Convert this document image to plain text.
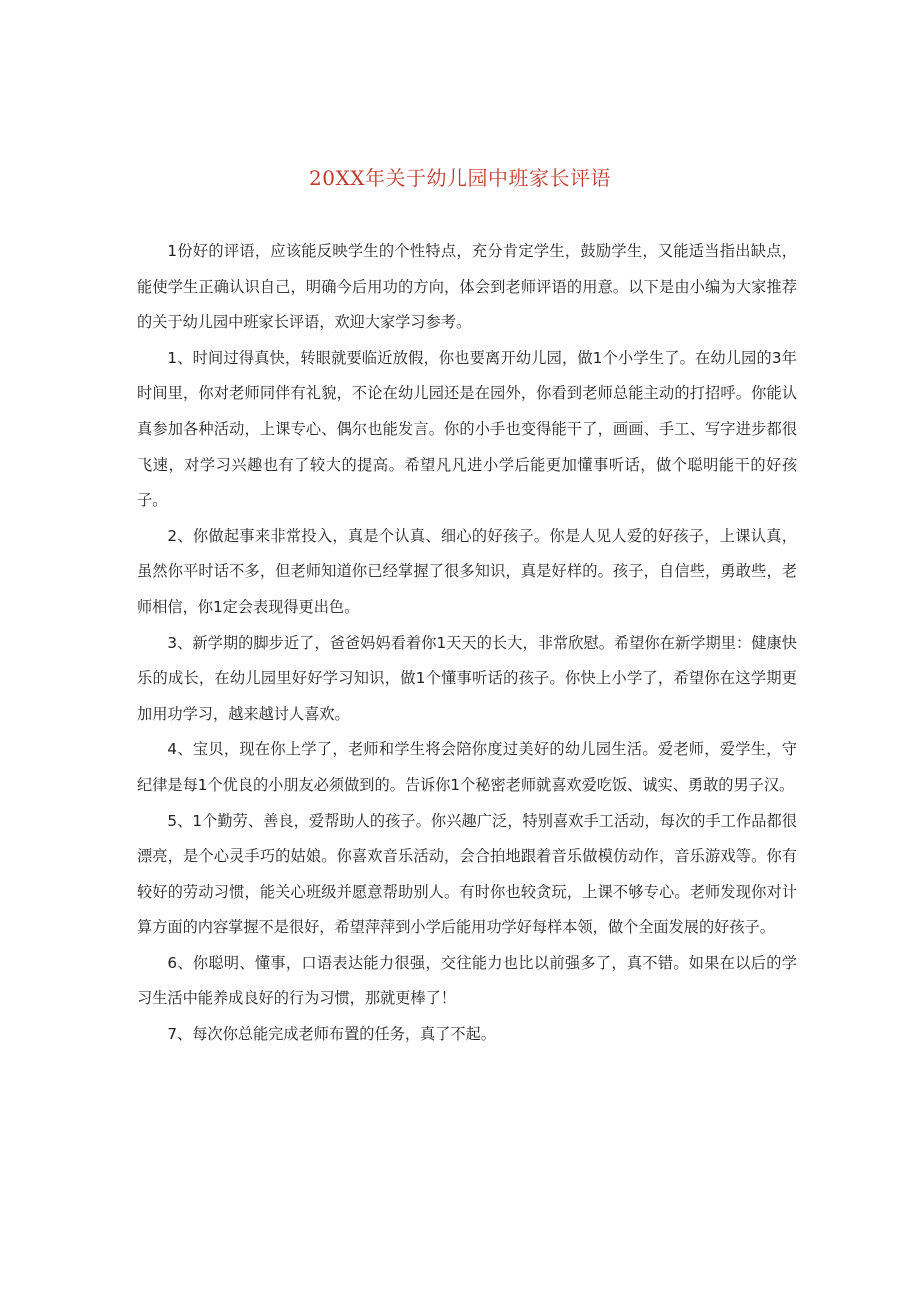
20XX年关于幼儿园中班家长评语

1份好的评语，应该能反映学生的个性特点，充分肯定学生，鼓励学生，又能适当指出缺点，能使学生正确认识自己，明确今后用功的方向，体会到老师评语的用意。以下是由小编为大家推荐的关于幼儿园中班家长评语，欢迎大家学习参考。

1、时间过得真快，转眼就要临近放假，你也要离开幼儿园，做1个小学生了。在幼儿园的3年时间里，你对老师同伴有礼貌，不论在幼儿园还是在园外，你看到老师总能主动的打招呼。你能认真参加各种活动，上课专心、偶尔也能发言。你的小手也变得能干了，画画、手工、写字进步都很飞速，对学习兴趣也有了较大的提高。希望凡凡进小学后能更加懂事听话，做个聪明能干的好孩子。

2、你做起事来非常投入，真是个认真、细心的好孩子。你是人见人爱的好孩子，上课认真，虽然你平时话不多，但老师知道你已经掌握了很多知识，真是好样的。孩子，自信些，勇敢些，老师相信，你1定会表现得更出色。

3、新学期的脚步近了，爸爸妈妈看着你1天天的长大，非常欣慰。希望你在新学期里：健康快乐的成长，在幼儿园里好好学习知识，做1个懂事听话的孩子。你快上小学了，希望你在这学期更加用功学习，越来越讨人喜欢。

4、宝贝，现在你上学了，老师和学生将会陪你度过美好的幼儿园生活。爱老师，爱学生，守纪律是每1个优良的小朋友必须做到的。告诉你1个秘密老师就喜欢爱吃饭、诚实、勇敢的男子汉。

5、1个勤劳、善良，爱帮助人的孩子。你兴趣广泛，特别喜欢手工活动，每次的手工作品都很漂亮，是个心灵手巧的姑娘。你喜欢音乐活动，会合拍地跟着音乐做模仿动作，音乐游戏等。你有较好的劳动习惯，能关心班级并愿意帮助别人。有时你也较贪玩，上课不够专心。老师发现你对计算方面的内容掌握不是很好，希望萍萍到小学后能用功学好每样本领，做个全面发展的好孩子。

6、你聪明、懂事，口语表达能力很强，交往能力也比以前强多了，真不错。如果在以后的学习生活中能养成良好的行为习惯，那就更棒了！

7、每次你总能完成老师布置的任务，真了不起。
